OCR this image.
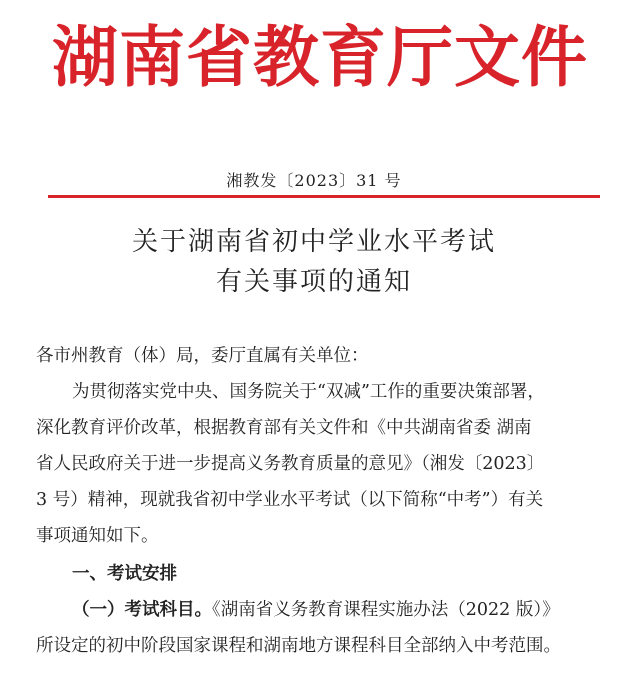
湖南省教育厅文件
湘教发〔2023〕31 号
关于湖南省初中学业水平考试
有关事项的通知
各市州教育（体）局，委厅直属有关单位：
为贯彻落实党中央、国务院关于“双减”工作的重要决策部署，
深化教育评价改革，根据教育部有关文件和《中共湖南省委 湖南
省人民政府关于进一步提高义务教育质量的意见》（湘发〔2023〕
3 号）精神，现就我省初中学业水平考试（以下简称“中考”）有关
事项通知如下。
一、考试安排
（一）考试科目。《湖南省义务教育课程实施办法（2022 版）》
所设定的初中阶段国家课程和湖南地方课程科目全部纳入中考范围。
